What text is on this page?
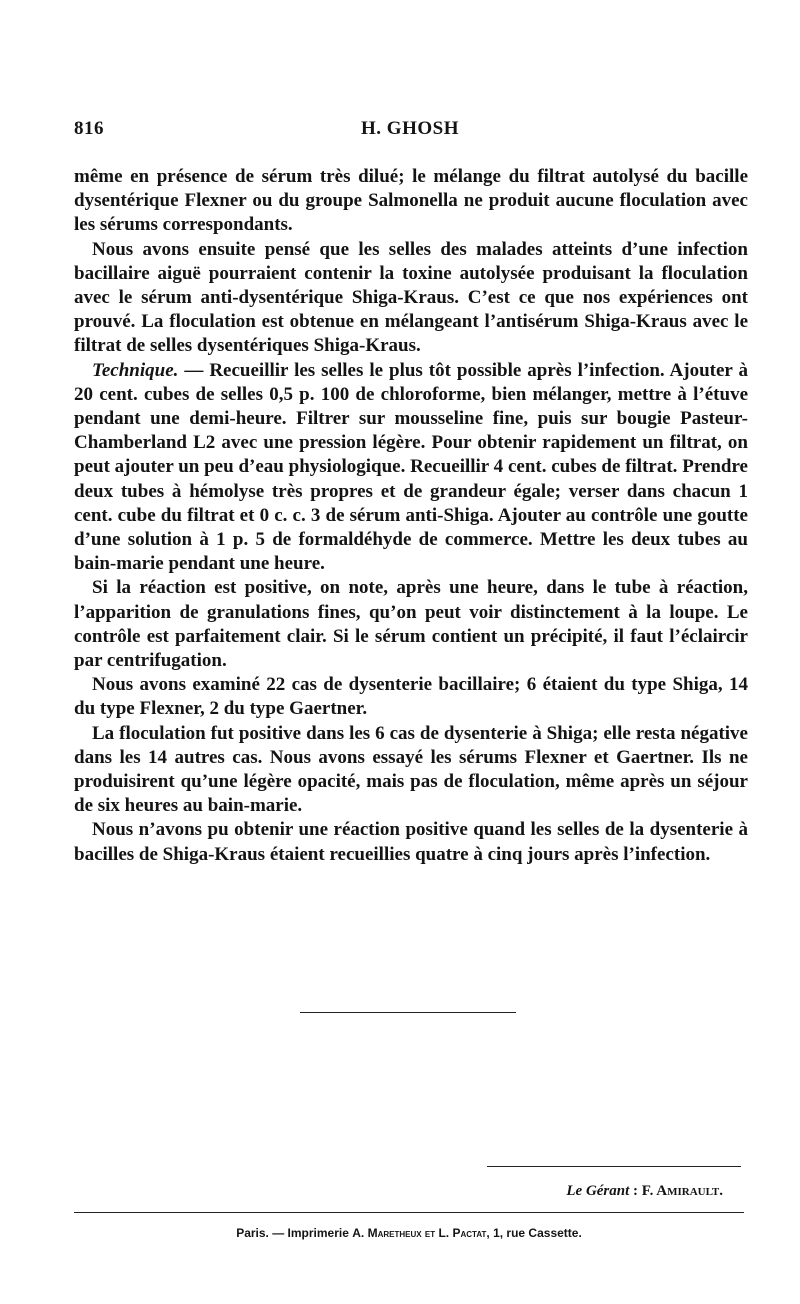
816	H. GHOSH

même en présence de sérum très dilué; le mélange du filtrat autolysé du bacille dysentérique Flexner ou du groupe Salmonella ne produit aucune floculation avec les sérums correspondants.

Nous avons ensuite pensé que les selles des malades atteints d’une infection bacillaire aiguë pourraient contenir la toxine autolysée produisant la floculation avec le sérum anti-dysentérique Shiga-Kraus. C’est ce que nos expériences ont prouvé. La floculation est obtenue en mélangeant l’antisérum Shiga-Kraus avec le filtrat de selles dysentériques Shiga-Kraus.

Technique. — Recueillir les selles le plus tôt possible après l’infection. Ajouter à 20 cent. cubes de selles 0,5 p. 100 de chloroforme, bien mélanger, mettre à l’étuve pendant une demi-heure. Filtrer sur mousseline fine, puis sur bougie Pasteur-Chamberland L2 avec une pression légère. Pour obtenir rapidement un filtrat, on peut ajouter un peu d’eau physiologique. Recueillir 4 cent. cubes de filtrat. Prendre deux tubes à hémolyse très propres et de grandeur égale; verser dans chacun 1 cent. cube du filtrat et 0 c. c. 3 de sérum anti-Shiga. Ajouter au contrôle une goutte d’une solution à 1 p. 5 de formaldéhyde de commerce. Mettre les deux tubes au bain-marie pendant une heure.

Si la réaction est positive, on note, après une heure, dans le tube à réaction, l’apparition de granulations fines, qu’on peut voir distinctement à la loupe. Le contrôle est parfaitement clair. Si le sérum contient un précipité, il faut l’éclaircir par centrifugation.

Nous avons examiné 22 cas de dysenterie bacillaire; 6 étaient du type Shiga, 14 du type Flexner, 2 du type Gaertner.

La floculation fut positive dans les 6 cas de dysenterie à Shiga; elle resta négative dans les 14 autres cas. Nous avons essayé les sérums Flexner et Gaertner. Ils ne produisirent qu’une légère opacité, mais pas de floculation, même après un séjour de six heures au bain-marie.

Nous n’avons pu obtenir une réaction positive quand les selles de la dysenterie à bacilles de Shiga-Kraus étaient recueillies quatre à cinq jours après l’infection.

Le Gérant : F. Amirault.
Paris. — Imprimerie A. Maretheux et L. Pactat, 1, rue Cassette.
